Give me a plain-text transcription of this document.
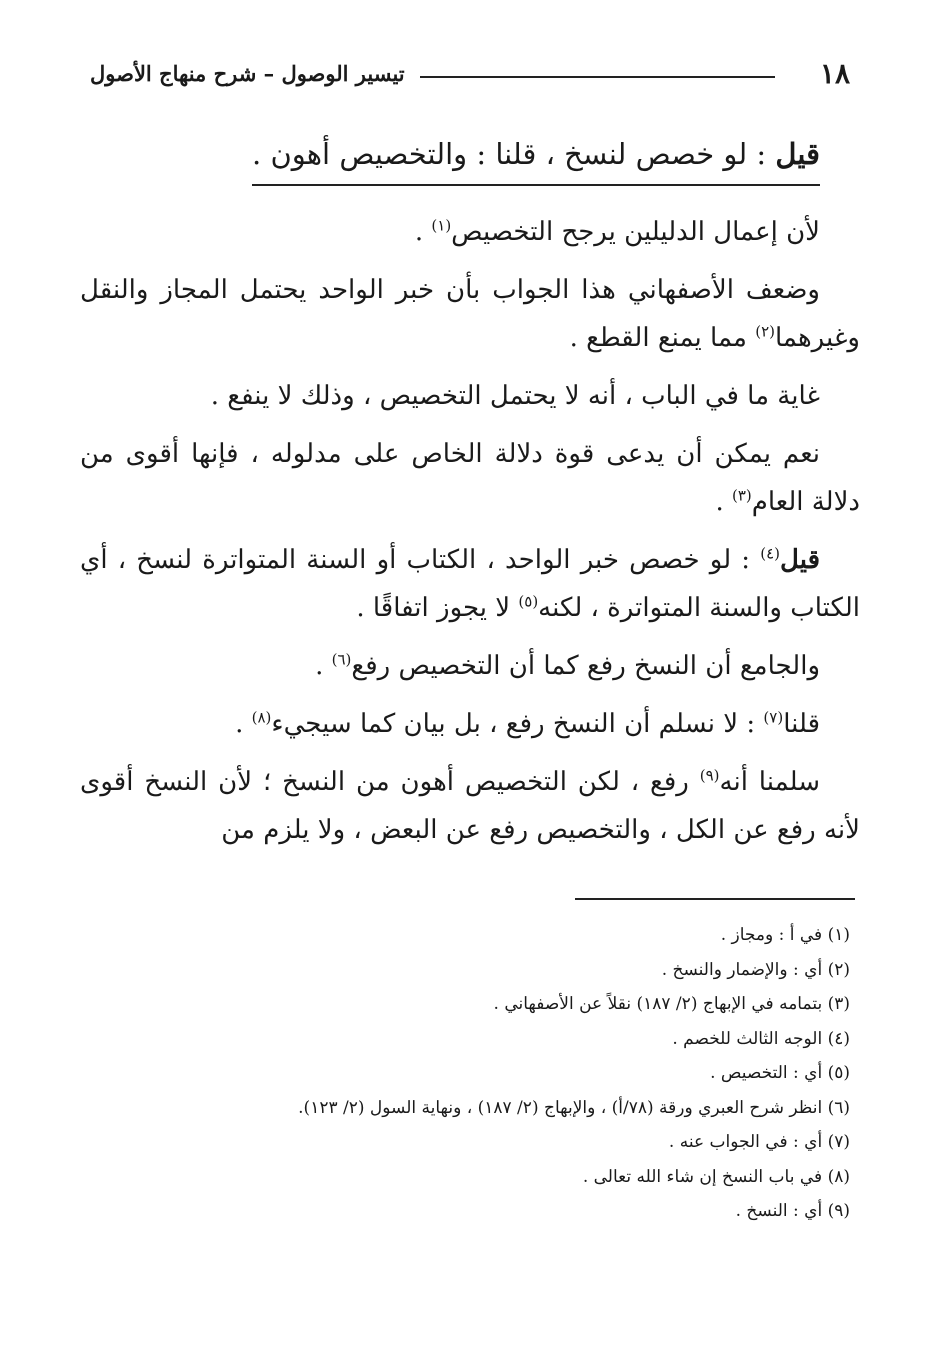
١٨
تيسير الوصول – شرح منهاج الأصول
قيل : لو خصص لنسخ ، قلنا : والتخصيص أهون .

لأن إعمال الدليلين يرجح التخصيص$^{(١)}$ .

وضعف الأصفهاني هذا الجواب بأن خبر الواحد يحتمل المجاز والنقل وغيرهما$^{(٢)}$ مما يمنع القطع .

غاية ما في الباب ، أنه لا يحتمل التخصيص ، وذلك لا ينفع .

نعم يمكن أن يدعى قوة دلالة الخاص على مدلوله ، فإنها أقوى من دلالة العام$^{(٣)}$ .

قيل$^{(٤)}$ : لو خصص خبر الواحد ، الكتاب أو السنة المتواترة لنسخ ، أي الكتاب والسنة المتواترة ، لكنه$^{(٥)}$ لا يجوز اتفاقًا .

والجامع أن النسخ رفع كما أن التخصيص رفع$^{(٦)}$ .

قلنا$^{(٧)}$ : لا نسلم أن النسخ رفع ، بل بيان كما سيجيء$^{(٨)}$ .

سلمنا أنه$^{(٩)}$ رفع ، لكن التخصيص أهون من النسخ ؛ لأن النسخ أقوى لأنه رفع عن الكل ، والتخصيص رفع عن البعض ، ولا يلزم من

(١) في أ : ومجاز .
(٢) أي : والإضمار والنسخ .
(٣) بتمامه في الإبهاج (٢/ ١٨٧) نقلاً عن الأصفهاني .
(٤) الوجه الثالث للخصم .
(٥) أي : التخصيص .
(٦) انظر شرح العبري ورقة (٧٨/أ) ، والإبهاج (٢/ ١٨٧) ، ونهاية السول (٢/ ١٢٣).
(٧) أي : في الجواب عنه .
(٨) في باب النسخ إن شاء الله تعالى .
(٩) أي : النسخ .
